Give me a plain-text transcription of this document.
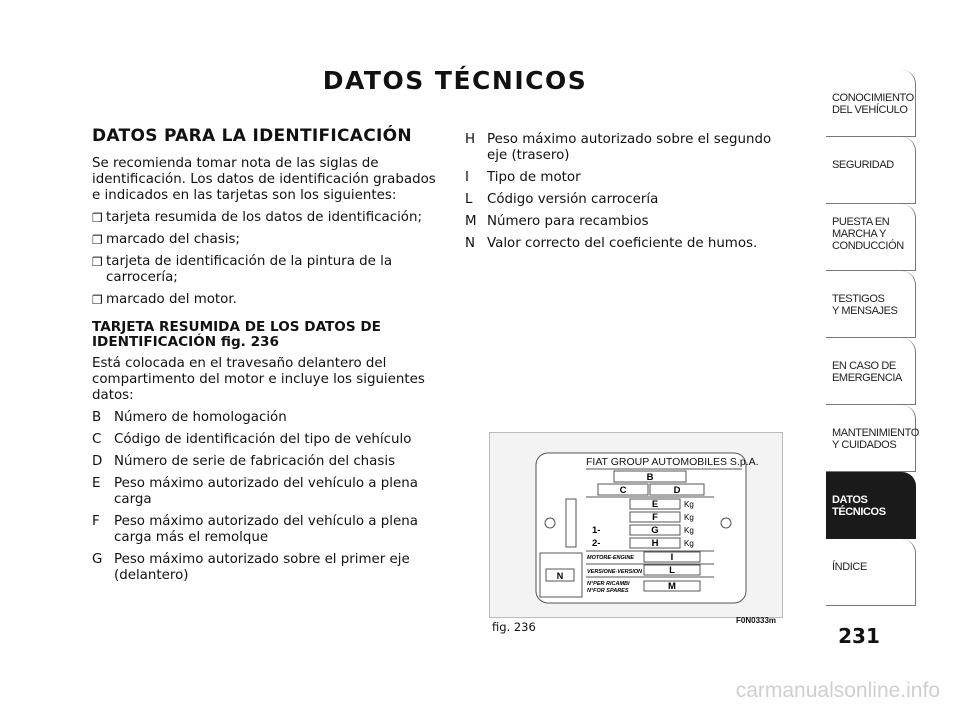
DATOS TÉCNICOS
DATOS PARA LA IDENTIFICACIÓN

Se recomienda tomar nota de las siglas de identificación. Los datos de identificación grabados e indicados en las tarjetas son los siguientes:

❒ tarjeta resumida de los datos de identificación;
❒ marcado del chasis;
❒ tarjeta de identificación de la pintura de la carrocería;
❒ marcado del motor.
TARJETA RESUMIDA DE LOS DATOS DE IDENTIFICACIÓN fig. 236

Está colocada en el travesaño delantero del compartimento del motor e incluye los siguientes datos:

B Número de homologación
C Código de identificación del tipo de vehículo
D Número de serie de fabricación del chasis
E	Peso máximo autorizado del vehículo a plena carga
F	Peso máximo autorizado del vehículo a plena carga más el remolque
G Peso máximo autorizado sobre el primer eje (delantero)
H Peso máximo autorizado sobre el segundo eje (trasero)
I	Tipo de motor
L	Código versión carrocería
M Número para recambios
N Valor correcto del coeficiente de humos.
N
FIAT GROUP AUTOMOBILES S.p.A.
B
C	D
E	Kg
F	Kg
1-	G	Kg
2-	H	Kg
MOTORE-ENGINE	I
VERSIONE-VERSION	L
N°PER RICAMBI
N°FOR SPARES	M
fig. 236	F0N0333m
CONOCIMIENTO
DEL VEHÍCULO
SEGURIDAD
PUESTA EN
MARCHA Y
CONDUCCIÓN
TESTIGOS
Y MENSAJES
EN CASO DE
EMERGENCIA
MANTENIMIENTO
Y CUIDADOS
DATOS
TÉCNICOS
ÍNDICE
231
carmanualsonline.info
